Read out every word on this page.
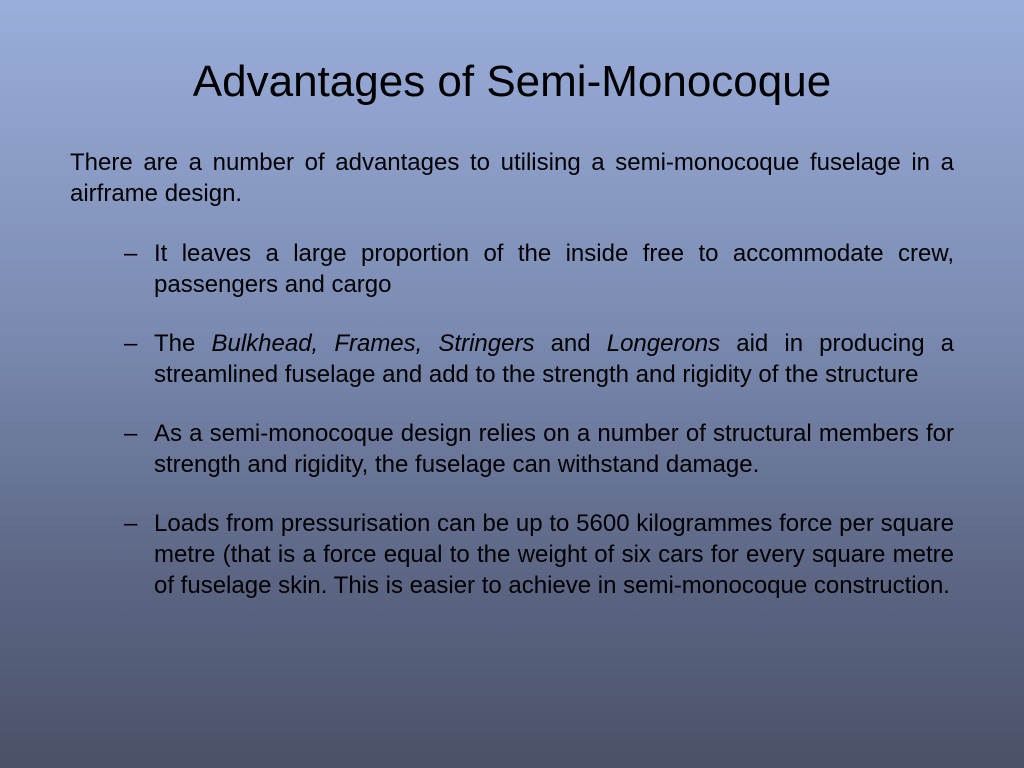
Advantages of Semi-Monocoque

There are a number of advantages to utilising a semi-monocoque fuselage in a airframe design.

– It leaves a large proportion of the inside free to accommodate crew, passengers and cargo
– The Bulkhead, Frames, Stringers and Longerons aid in producing a streamlined fuselage and add to the strength and rigidity of the structure
– As a semi-monocoque design relies on a number of structural members for strength and rigidity, the fuselage can withstand damage.
– Loads from pressurisation can be up to 5600 kilogrammes force per square metre (that is a force equal to the weight of six cars for every square metre of fuselage skin. This is easier to achieve in semi-monocoque construction.
